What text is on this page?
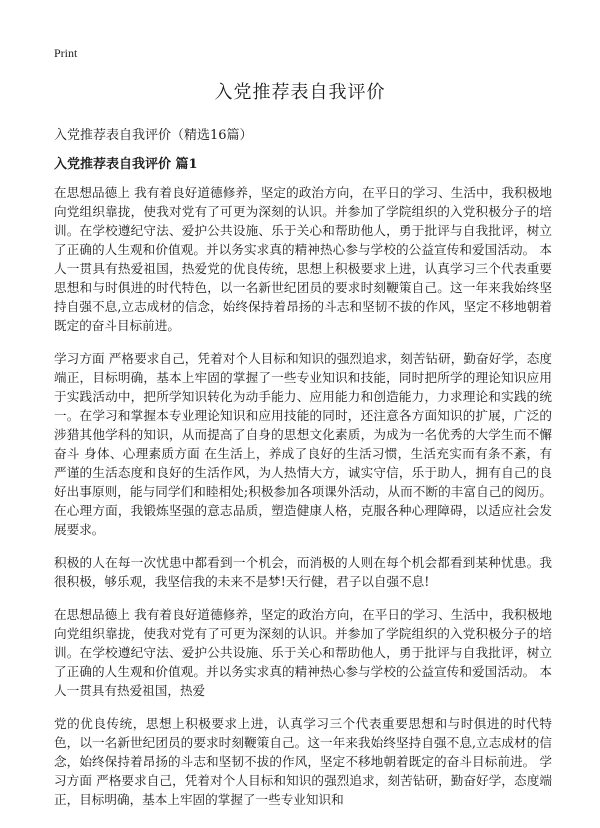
Print
入党推荐表自我评价

入党推荐表自我评价（精选16篇）

入党推荐表自我评价 篇1

在思想品德上 我有着良好道德修养，坚定的政治方向，在平日的学习、生活中，我积极地向党组织靠拢，使我对党有了可更为深刻的认识。并参加了学院组织的入党积极分子的培训。在学校遵纪守法、爱护公共设施、乐于关心和帮助他人，勇于批评与自我批评，树立了正确的人生观和价值观。并以务实求真的精神热心参与学校的公益宣传和爱国活动。 本人一贯具有热爱祖国，热爱党的优良传统，思想上积极要求上进，认真学习三个代表重要思想和与时俱进的时代特色，以一名新世纪团员的要求时刻鞭策自己。这一年来我始终坚持自强不息,立志成材的信念，始终保持着昂扬的斗志和坚韧不拔的作风，坚定不移地朝着既定的奋斗目标前进。

学习方面 严格要求自己，凭着对个人目标和知识的强烈追求，刻苦钻研，勤奋好学，态度端正，目标明确，基本上牢固的掌握了一些专业知识和技能，同时把所学的理论知识应用于实践活动中，把所学知识转化为动手能力、应用能力和创造能力，力求理论和实践的统一。在学习和掌握本专业理论知识和应用技能的同时，还注意各方面知识的扩展，广泛的涉猎其他学科的知识，从而提高了自身的思想文化素质，为成为一名优秀的大学生而不懈奋斗 身体、心理素质方面 在生活上，养成了良好的生活习惯，生活充实而有条不紊，有严谨的生活态度和良好的生活作风，为人热情大方，诚实守信，乐于助人，拥有自己的良好出事原则，能与同学们和睦相处;积极参加各项课外活动，从而不断的丰富自己的阅历。在心理方面，我锻炼坚强的意志品质，塑造健康人格，克服各种心理障碍，以适应社会发展要求。

积极的人在每一次忧患中都看到一个机会，而消极的人则在每个机会都看到某种忧患。我很积极，够乐观，我坚信我的未来不是梦!天行健，君子以自强不息!

在思想品德上 我有着良好道德修养，坚定的政治方向，在平日的学习、生活中，我积极地向党组织靠拢，使我对党有了可更为深刻的认识。并参加了学院组织的入党积极分子的培训。在学校遵纪守法、爱护公共设施、乐于关心和帮助他人，勇于批评与自我批评，树立了正确的人生观和价值观。并以务实求真的精神热心参与学校的公益宣传和爱国活动。 本人一贯具有热爱祖国，热爱

党的优良传统，思想上积极要求上进，认真学习三个代表重要思想和与时俱进的时代特色，以一名新世纪团员的要求时刻鞭策自己。这一年来我始终坚持自强不息,立志成材的信念，始终保持着昂扬的斗志和坚韧不拔的作风，坚定不移地朝着既定的奋斗目标前进。 学习方面 严格要求自己，凭着对个人目标和知识的强烈追求，刻苦钻研，勤奋好学，态度端正，目标明确，基本上牢固的掌握了一些专业知识和
